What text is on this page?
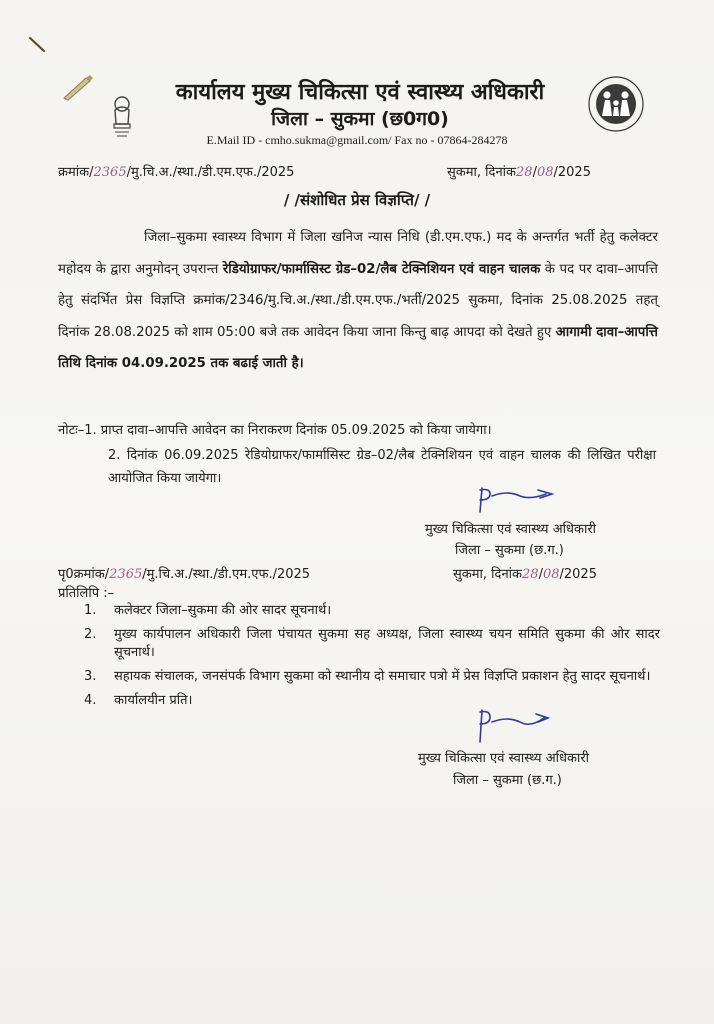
कार्यालय मुख्य चिकित्सा एवं स्वास्थ्य अधिकारी
जिला – सुकमा (छ0ग0)
E.Mail ID - cmho.sukma@gmail.com/ Fax no - 07864-284278
क्रमांक/2365/मु.चि.अ./स्था./डी.एम.एफ./2025	सुकमा, दिनांक28/08/2025
/ /संशोधित प्रेस विज्ञप्ति/ /
जिला–सुकमा स्वास्थ्य विभाग में जिला खनिज न्यास निधि (डी.एम.एफ.) मद के अन्तर्गत भर्ती हेतु कलेक्टर महोदय के द्वारा अनुमोदन् उपरान्त रेडियोग्राफर/फार्मासिस्ट ग्रेड–02/लैब टेक्निशियन एवं वाहन चालक के पद पर दावा–आपत्ति हेतु संदर्भित प्रेस विज्ञप्ति क्रमांक/2346/मु.चि.अ./स्था./डी.एम.एफ./भर्ती/2025 सुकमा, दिनांक 25.08.2025 तहत् दिनांक 28.08.2025 को शाम 05:00 बजे तक आवेदन किया जाना किन्तु बाढ़ आपदा को देखते हुए आगामी दावा–आपत्ति तिथि दिनांक 04.09.2025 तक बढाई जाती है।
नोटः–1. प्राप्त दावा–आपत्ति आवेदन का निराकरण दिनांक 05.09.2025 को किया जायेगा।
2. दिनांक 06.09.2025 रेडियोग्राफर/फार्मासिस्ट ग्रेड–02/लैब टेक्निशियन एवं वाहन चालक की लिखित परीक्षा आयोजित किया जायेगा।
मुख्य चिकित्सा एवं स्वास्थ्य अधिकारी
जिला – सुकमा (छ.ग.)
पृ0क्रमांक/2365/मु.चि.अ./स्था./डी.एम.एफ./2025	सुकमा, दिनांक28/08/2025
प्रतिलिपि :–
1. कलेक्टर जिला–सुकमा की ओर सादर सूचनार्थ।
2. मुख्य कार्यपालन अधिकारी जिला पंचायत सुकमा सह अध्यक्ष, जिला स्वास्थ्य चयन समिति सुकमा की ओर सादर सूचनार्थ।
3. सहायक संचालक, जनसंपर्क विभाग सुकमा को स्थानीय दो समाचार पत्रो में प्रेस विज्ञप्ति प्रकाशन हेतु सादर सूचनार्थ।
4. कार्यालयीन प्रति।
मुख्य चिकित्सा एवं स्वास्थ्य अधिकारी
जिला – सुकमा (छ.ग.)
